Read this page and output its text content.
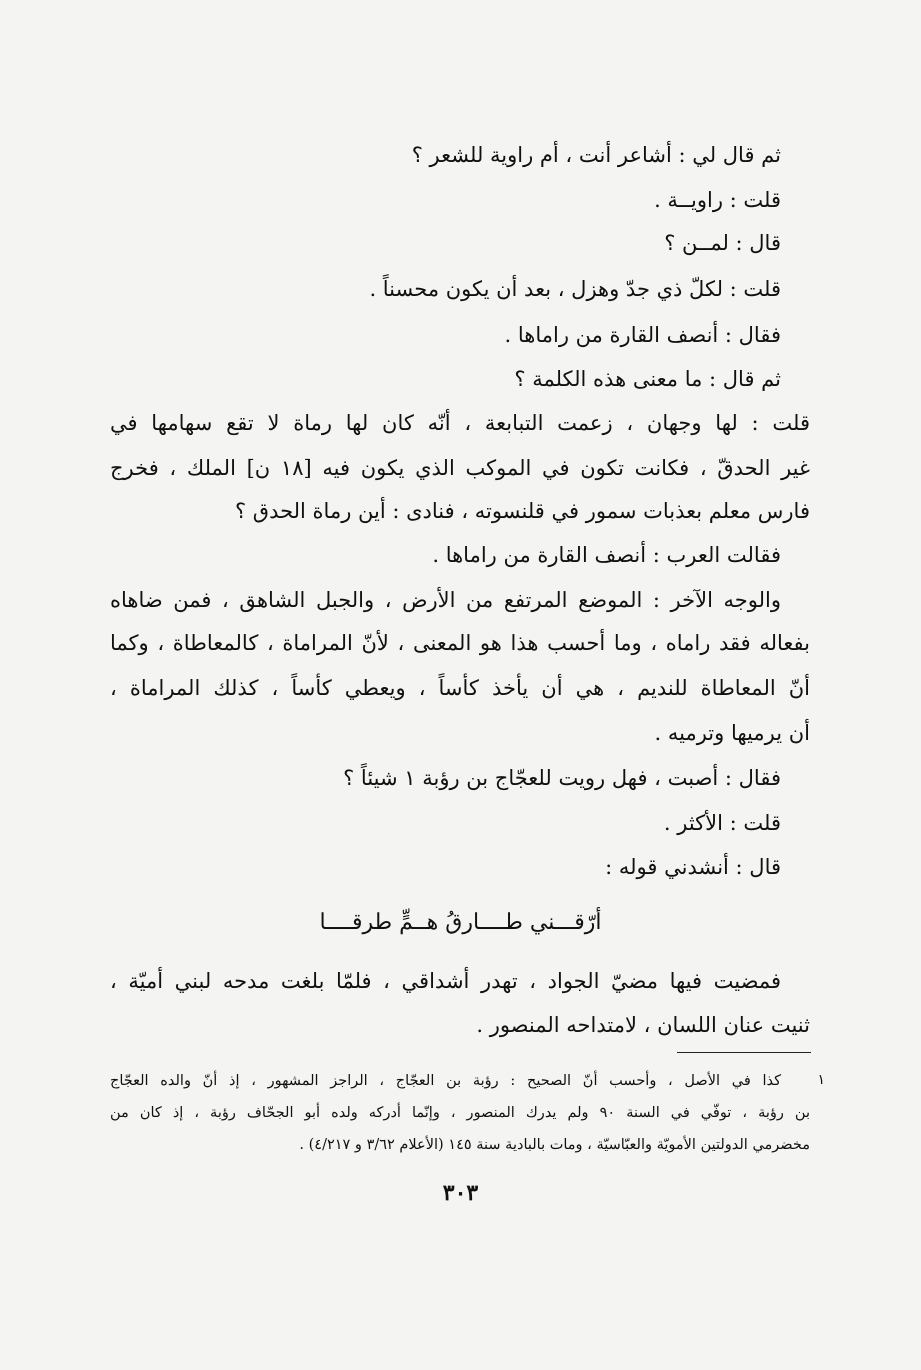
ثم قال لي : أشاعر أنت ، أم راوية للشعر ؟
قلت : راويــة .
قال : لمــن ؟
قلت : لكلّ ذي جدّ وهزل ، بعد أن يكون محسناً .
فقال : أنصف القارة من راماها .
ثم قال : ما معنى هذه الكلمة ؟
قلت : لها وجهان ، زعمت التبابعة ، أنّه كان لها رماة لا تقع سهامها في
غير الحدقّ ، فكانت تكون في الموكب الذي يكون فيه [١٨ ن] الملك ، فخرج
فارس معلم بعذبات سمور في قلنسوته ، فنادى : أين رماة الحدق ؟
فقالت العرب : أنصف القارة من راماها .
والوجه الآخر : الموضع المرتفع من الأرض ، والجبل الشاهق ، فمن ضاهاه
بفعاله فقد راماه ، وما أحسب هذا هو المعنى ، لأنّ المراماة ، كالمعاطاة ، وكما
أنّ المعاطاة للنديم ، هي أن يأخذ كأساً ، ويعطي كأساً ، كذلك المراماة ،
أن يرميها وترميه .
فقال : أصبت ، فهل رويت للعجّاج بن رؤبة ١ شيئاً ؟
قلت : الأكثر .
قال : أنشدني قوله :
أرّقـــني طــــارقُ هــمٍّ طرقــــا
فمضيت فيها مضيّ الجواد ، تهدر أشداقي ، فلمّا بلغت مدحه لبني أميّة ،
ثنيت عنان اللسان ، لامتداحه المنصور .
١
كذا في الأصل ، وأحسب أنّ الصحيح : رؤبة بن العجّاج ، الراجز المشهور ، إذ أنّ والده العجّاج
بن رؤبة ، توفّي في السنة ٩٠ ولم يدرك المنصور ، وإنّما أدركه ولده أبو الجحّاف رؤبة ، إذ كان من
مخضرمي الدولتين الأمويّة والعبّاسيّة ، ومات بالبادية سنة ١٤٥ (الأعلام ٣/٦٢ و ٤/٢١٧) .
٣٠٣
